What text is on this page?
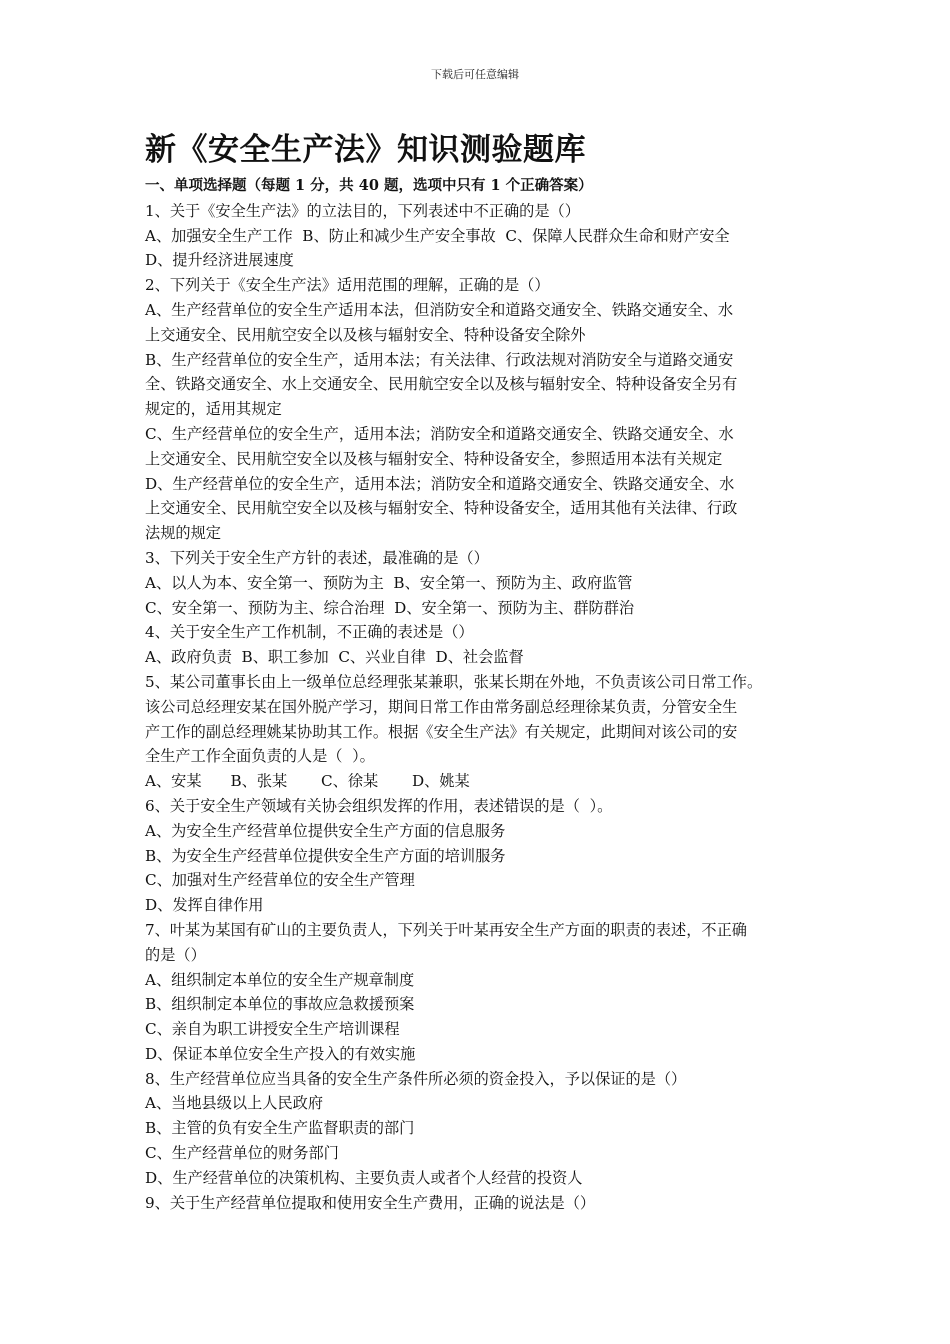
下载后可任意编辑
新《安全生产法》知识测验题库
一、单项选择题（每题 1 分，共 40 题，选项中只有 1 个正确答案）

1、关于《安全生产法》的立法目的，下列表述中不正确的是（）

A、加强安全生产工作  B、防止和减少生产安全事故  C、保障人民群众生命和财产安全

D、提升经济进展速度

2、下列关于《安全生产法》适用范围的理解，正确的是（）

A、生产经营单位的安全生产适用本法，但消防安全和道路交通安全、铁路交通安全、水

上交通安全、民用航空安全以及核与辐射安全、特种设备安全除外

B、生产经营单位的安全生产，适用本法；有关法律、行政法规对消防安全与道路交通安

全、铁路交通安全、水上交通安全、民用航空安全以及核与辐射安全、特种设备安全另有

规定的，适用其规定

C、生产经营单位的安全生产，适用本法；消防安全和道路交通安全、铁路交通安全、水

上交通安全、民用航空安全以及核与辐射安全、特种设备安全，参照适用本法有关规定

D、生产经营单位的安全生产，适用本法；消防安全和道路交通安全、铁路交通安全、水

上交通安全、民用航空安全以及核与辐射安全、特种设备安全，适用其他有关法律、行政

法规的规定

3、下列关于安全生产方针的表述，最准确的是（）

A、以人为本、安全第一、预防为主  B、安全第一、预防为主、政府监管

C、安全第一、预防为主、综合治理  D、安全第一、预防为主、群防群治

4、关于安全生产工作机制，不正确的表述是（）

A、政府负责  B、职工参加  C、兴业自律  D、社会监督

5、某公司董事长由上一级单位总经理张某兼职，张某长期在外地，不负责该公司日常工作。

该公司总经理安某在国外脱产学习，期间日常工作由常务副总经理徐某负责，分管安全生

产工作的副总经理姚某协助其工作。根据《安全生产法》有关规定，此期间对该公司的安

全生产工作全面负责的人是（  ）。

A、安某      B、张某       C、徐某       D、姚某

6、关于安全生产领域有关协会组织发挥的作用，表述错误的是（  ）。

A、为安全生产经营单位提供安全生产方面的信息服务

B、为安全生产经营单位提供安全生产方面的培训服务

C、加强对生产经营单位的安全生产管理

D、发挥自律作用

7、叶某为某国有矿山的主要负责人，下列关于叶某再安全生产方面的职责的表述，不正确

的是（）

A、组织制定本单位的安全生产规章制度

B、组织制定本单位的事故应急救援预案

C、亲自为职工讲授安全生产培训课程

D、保证本单位安全生产投入的有效实施

8、生产经营单位应当具备的安全生产条件所必须的资金投入，予以保证的是（）

A、当地县级以上人民政府

B、主管的负有安全生产监督职责的部门

C、生产经营单位的财务部门

D、生产经营单位的决策机构、主要负责人或者个人经营的投资人

9、关于生产经营单位提取和使用安全生产费用，正确的说法是（）
